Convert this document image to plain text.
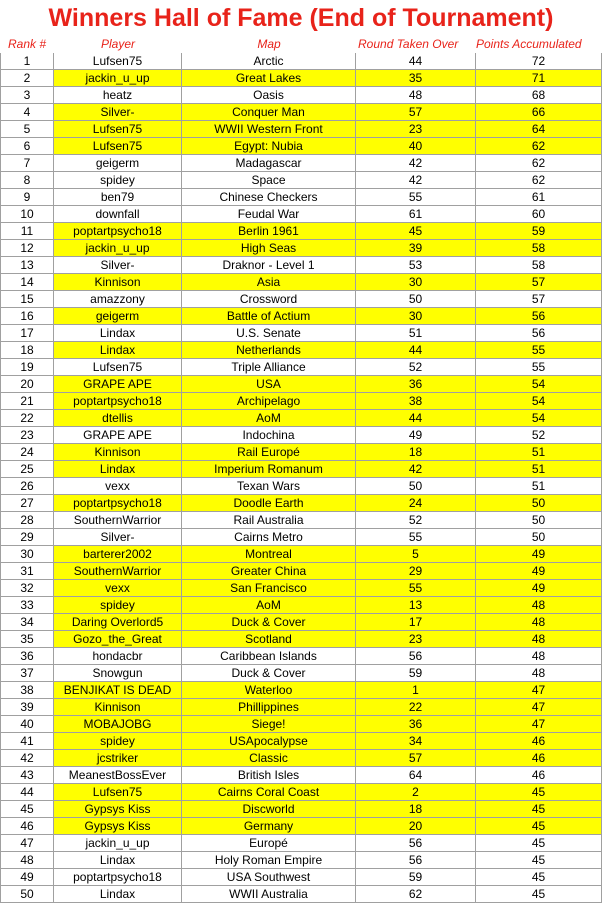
Winners Hall of Fame (End of Tournament)
Rank #	Player	Map	Round Taken Over	Points Accumulated
1	Lufsen75	Arctic	44	72
2	jackin_u_up	Great Lakes	35	71
3	heatz	Oasis	48	68
4	Silver-	Conquer Man	57	66
5	Lufsen75	WWII Western Front	23	64
6	Lufsen75	Egypt: Nubia	40	62
7	geigerm	Madagascar	42	62
8	spidey	Space	42	62
9	ben79	Chinese Checkers	55	61
10	downfall	Feudal War	61	60
11	poptartpsycho18	Berlin 1961	45	59
12	jackin_u_up	High Seas	39	58
13	Silver-	Draknor - Level 1	53	58
14	Kinnison	Asia	30	57
15	amazzony	Crossword	50	57
16	geigerm	Battle of Actium	30	56
17	Lindax	U.S. Senate	51	56
18	Lindax	Netherlands	44	55
19	Lufsen75	Triple Alliance	52	55
20	GRAPE APE	USA	36	54
21	poptartpsycho18	Archipelago	38	54
22	dtellis	AoM	44	54
23	GRAPE APE	Indochina	49	52
24	Kinnison	Rail Europé	18	51
25	Lindax	Imperium Romanum	42	51
26	vexx	Texan Wars	50	51
27	poptartpsycho18	Doodle Earth	24	50
28	SouthernWarrior	Rail Australia	52	50
29	Silver-	Cairns Metro	55	50
30	barterer2002	Montreal	5	49
31	SouthernWarrior	Greater China	29	49
32	vexx	San Francisco	55	49
33	spidey	AoM	13	48
34	Daring Overlord5	Duck & Cover	17	48
35	Gozo_the_Great	Scotland	23	48
36	hondacbr	Caribbean Islands	56	48
37	Snowgun	Duck & Cover	59	48
38	BENJIKAT IS DEAD	Waterloo	1	47
39	Kinnison	Phillippines	22	47
40	MOBAJOBG	Siege!	36	47
41	spidey	USApocalypse	34	46
42	jcstriker	Classic	57	46
43	MeanestBossEver	British Isles	64	46
44	Lufsen75	Cairns Coral Coast	2	45
45	Gypsys Kiss	Discworld	18	45
46	Gypsys Kiss	Germany	20	45
47	jackin_u_up	Europé	56	45
48	Lindax	Holy Roman Empire	56	45
49	poptartpsycho18	USA Southwest	59	45
50	Lindax	WWII Australia	62	45
